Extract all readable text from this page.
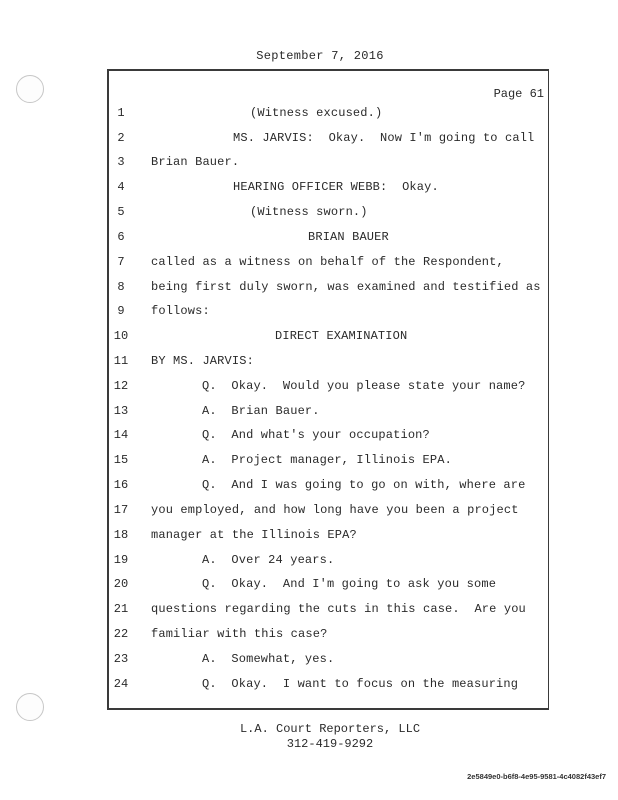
September 7, 2016
Page 61
1	(Witness excused.)
2	MS. JARVIS:  Okay.  Now I'm going to call
3	Brian Bauer.
4	HEARING OFFICER WEBB:  Okay.
5	(Witness sworn.)
6	BRIAN BAUER
7	called as a witness on behalf of the Respondent,
8	being first duly sworn, was examined and testified as
9	follows:
10	DIRECT EXAMINATION
11	BY MS. JARVIS:
12	Q.  Okay.  Would you please state your name?
13	A.  Brian Bauer.
14	Q.  And what's your occupation?
15	A.  Project manager, Illinois EPA.
16	Q.  And I was going to go on with, where are
17	you employed, and how long have you been a project
18	manager at the Illinois EPA?
19	A.  Over 24 years.
20	Q.  Okay.  And I'm going to ask you some
21	questions regarding the cuts in this case.  Are you
22	familiar with this case?
23	A.  Somewhat, yes.
24	Q.  Okay.  I want to focus on the measuring
L.A. Court Reporters, LLC
312-419-9292
2e5849e0-b6f8-4e95-9581-4c4082f43ef7
